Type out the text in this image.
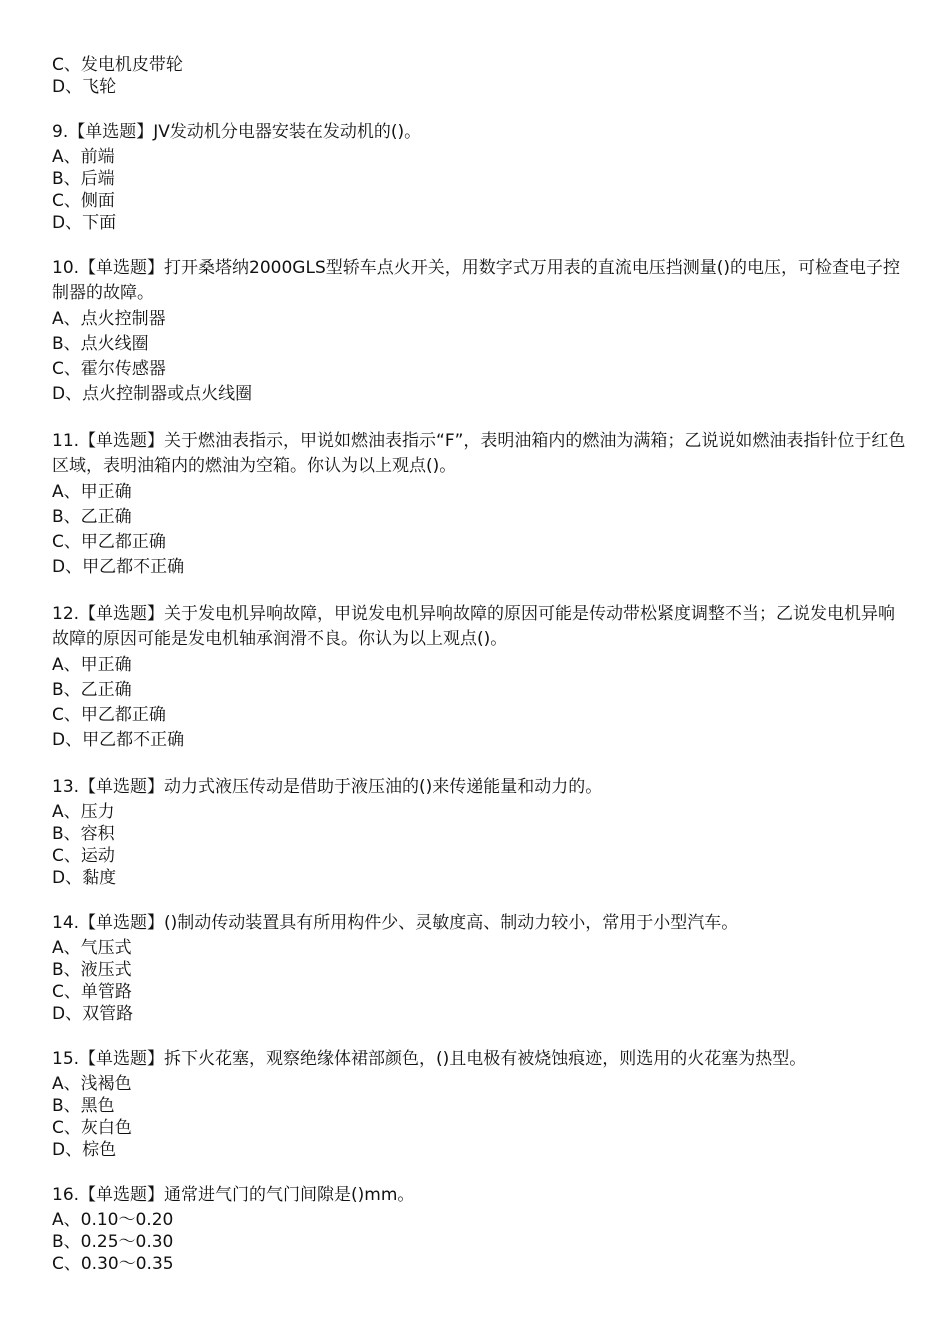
C、发电机皮带轮
D、飞轮
9.【单选题】JV发动机分电器安装在发动机的()。
A、前端
B、后端
C、侧面
D、下面
10.【单选题】打开桑塔纳2000GLS型轿车点火开关，用数字式万用表的直流电压挡测量()的电压，可检查电子控制器的故障。
A、点火控制器
B、点火线圈
C、霍尔传感器
D、点火控制器或点火线圈
11.【单选题】关于燃油表指示，甲说如燃油表指示“F”，表明油箱内的燃油为满箱；乙说说如燃油表指针位于红色区域，表明油箱内的燃油为空箱。你认为以上观点()。
A、甲正确
B、乙正确
C、甲乙都正确
D、甲乙都不正确
12.【单选题】关于发电机异响故障，甲说发电机异响故障的原因可能是传动带松紧度调整不当；乙说发电机异响故障的原因可能是发电机轴承润滑不良。你认为以上观点()。
A、甲正确
B、乙正确
C、甲乙都正确
D、甲乙都不正确
13.【单选题】动力式液压传动是借助于液压油的()来传递能量和动力的。
A、压力
B、容积
C、运动
D、黏度
14.【单选题】()制动传动装置具有所用构件少、灵敏度高、制动力较小，常用于小型汽车。
A、气压式
B、液压式
C、单管路
D、双管路
15.【单选题】拆下火花塞，观察绝缘体裙部颜色，()且电极有被烧蚀痕迹，则选用的火花塞为热型。
A、浅褐色
B、黑色
C、灰白色
D、棕色
16.【单选题】通常进气门的气门间隙是()mm。
A、0.10～0.20
B、0.25～0.30
C、0.30～0.35
